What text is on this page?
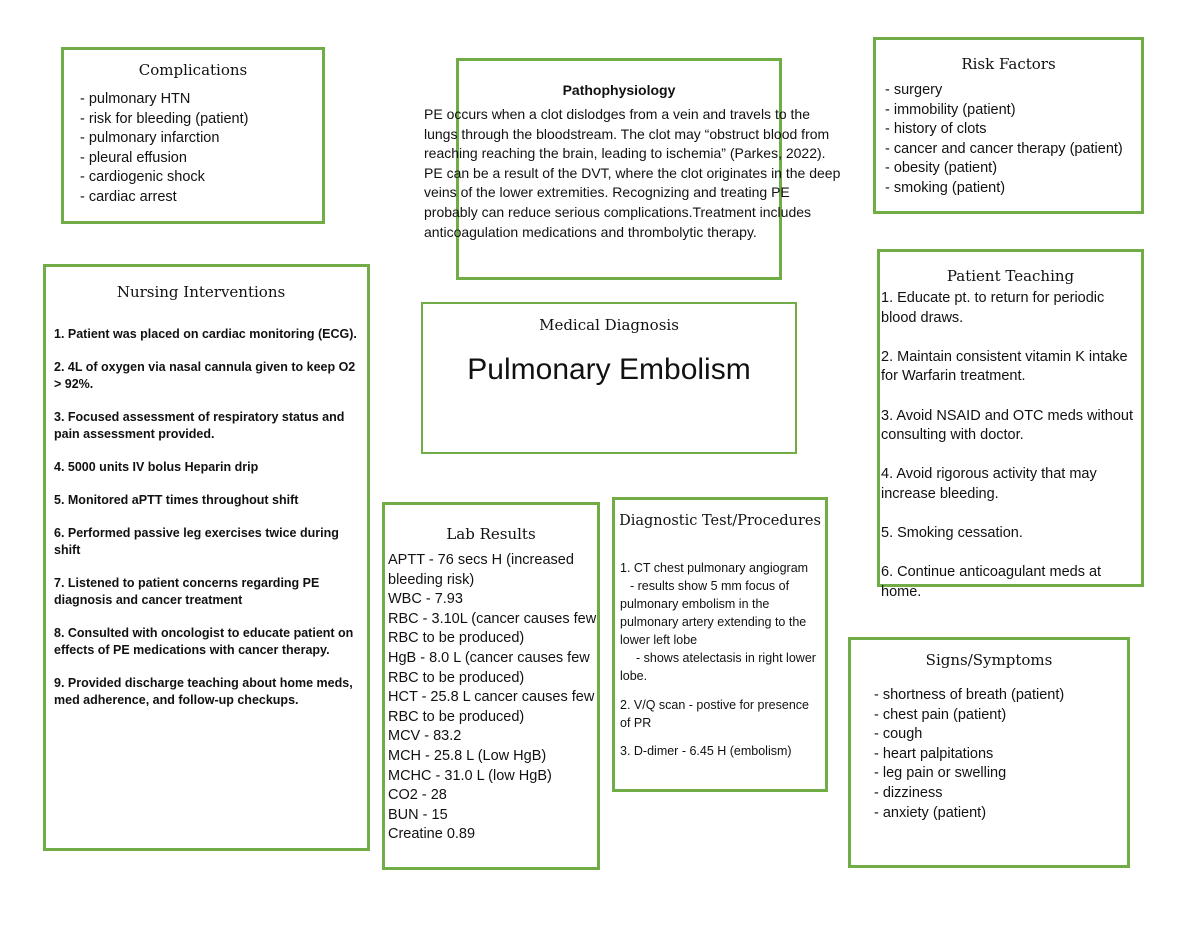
Complications
- pulmonary HTN
- risk for bleeding (patient)
- pulmonary infarction
- pleural effusion
- cardiogenic shock
- cardiac arrest
Pathophysiology

PE occurs when a clot dislodges from a vein and travels to the lungs through the bloodstream. The clot may “obstruct blood from reaching reaching the brain, leading to ischemia” (Parkes, 2022). PE can be a result of the DVT, where the clot originates in the deep veins of the lower extremities. Recognizing and treating PE probably can reduce serious complications.Treatment includes anticoagulation medications and thrombolytic therapy.

Risk Factors
- surgery
- immobility (patient)
- history of clots
- cancer and cancer therapy (patient)
- obesity (patient)
- smoking (patient)
Nursing Interventions

1. Patient was placed on cardiac monitoring (ECG).

2. 4L of oxygen via nasal cannula given to keep O2 > 92%.

3. Focused assessment of respiratory status and pain assessment provided.

4. 5000 units IV bolus Heparin drip

5. Monitored aPTT times throughout shift

6. Performed passive leg exercises twice during shift

7. Listened to patient concerns regarding PE diagnosis and cancer treatment

8. Consulted with oncologist to educate patient on effects of PE medications with cancer therapy.

9. Provided discharge teaching about home meds, med adherence, and follow-up checkups.

Medical Diagnosis
Pulmonary Embolism
Patient Teaching

1. Educate pt. to return for periodic blood draws.

2. Maintain consistent vitamin K intake for Warfarin treatment.

3. Avoid NSAID and OTC meds without consulting with doctor.

4. Avoid rigorous activity that may increase bleeding.

5. Smoking cessation.

6. Continue anticoagulant meds at home.

Lab Results
APTT - 76 secs H (increased bleeding risk)
WBC - 7.93
RBC - 3.10L (cancer causes few RBC to be produced)
HgB - 8.0 L (cancer causes few RBC to be produced)
HCT - 25.8 L cancer causes few RBC to be produced)
MCV - 83.2
MCH - 25.8 L (Low HgB)
MCHC - 31.0 L (low HgB)
CO2 - 28
BUN - 15
Creatine 0.89
Diagnostic Test/Procedures

1. CT chest pulmonary angiogram

- results show 5 mm focus of pulmonary embolism in the pulmonary artery extending to the lower left lobe

- shows atelectasis in right lower lobe.

2. V/Q scan - postive for presence of PR

3. D-dimer - 6.45 H (embolism)

Signs/Symptoms
- shortness of breath (patient)
- chest pain (patient)
- cough
- heart palpitations
- leg pain or swelling
- dizziness
- anxiety (patient)
